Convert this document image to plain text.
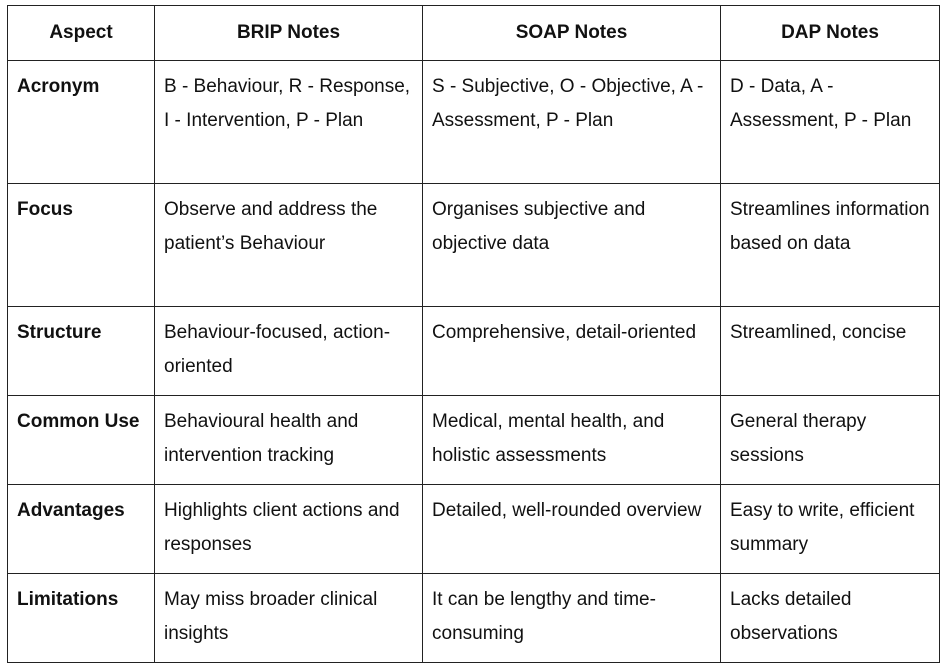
Aspect	BRIP Notes	SOAP Notes	DAP Notes
Acronym	B - Behaviour, R - Response, I - Intervention, P - Plan	S - Subjective, O - Objective, A - Assessment, P - Plan	D - Data, A - Assessment, P - Plan
Focus	Observe and address the patient’s Behaviour	Organises subjective and objective data	Streamlines information based on data
Structure	Behaviour-focused, action-oriented	Comprehensive, detail-oriented	Streamlined, concise
Common Use	Behavioural health and intervention tracking	Medical, mental health, and holistic assessments	General therapy sessions
Advantages	Highlights client actions and responses	Detailed, well-rounded overview	Easy to write, efficient summary
Limitations	May miss broader clinical insights	It can be lengthy and time-consuming	Lacks detailed observations
